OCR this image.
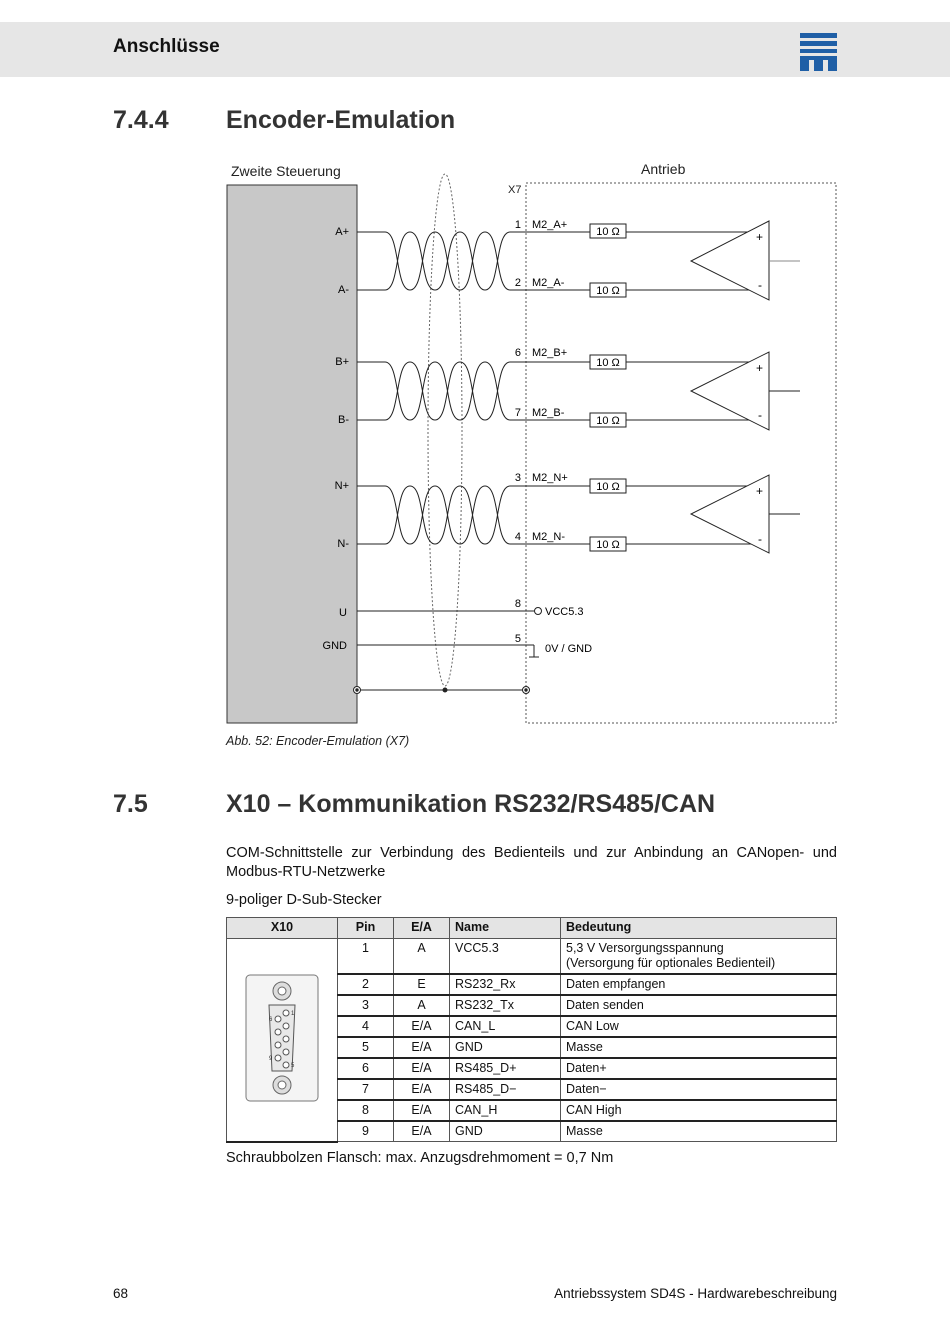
Anschlüsse
7.4.4 Encoder-Emulation
Zweite Steuerung	Antrieb
X7
A+
A-
B+
B-
N+
N-
U
GND
1
2
6
7
3
4
8
5
M2_A+
M2_A-
M2_B+
M2_B-
M2_N+
M2_N-
10 Ω
10 Ω
10 Ω
10 Ω
10 Ω
10 Ω
+
-
+
-
+
-
VCC5.3
0V / GND
Abb. 52: Encoder-Emulation (X7)
7.5	X10 – Kommunikation RS232/RS485/CAN
COM-Schnittstelle zur Verbindung des Bedienteils und zur Anbindung an CANopen- und Modbus-RTU-Netzwerke
9-poliger D-Sub-Stecker
X10	Pin	E/A	Name	Bedeutung

1
6
9
5	1	A	VCC5.3	5,3 V Versorgungsspannung
(Versorgung für optionales Bedienteil)
	2	E	RS232_Rx	Daten empfangen
	3	A	RS232_Tx	Daten senden
	4	E/A	CAN_L	CAN Low
	5	E/A	GND	Masse
	6	E/A	RS485_D+	Daten+
	7	E/A	RS485_D−	Daten−
	8	E/A	CAN_H	CAN High
	9	E/A	GND	Masse
Schraubbolzen Flansch: max. Anzugsdrehmoment = 0,7 Nm
68	Antriebssystem SD4S - Hardwarebeschreibung
